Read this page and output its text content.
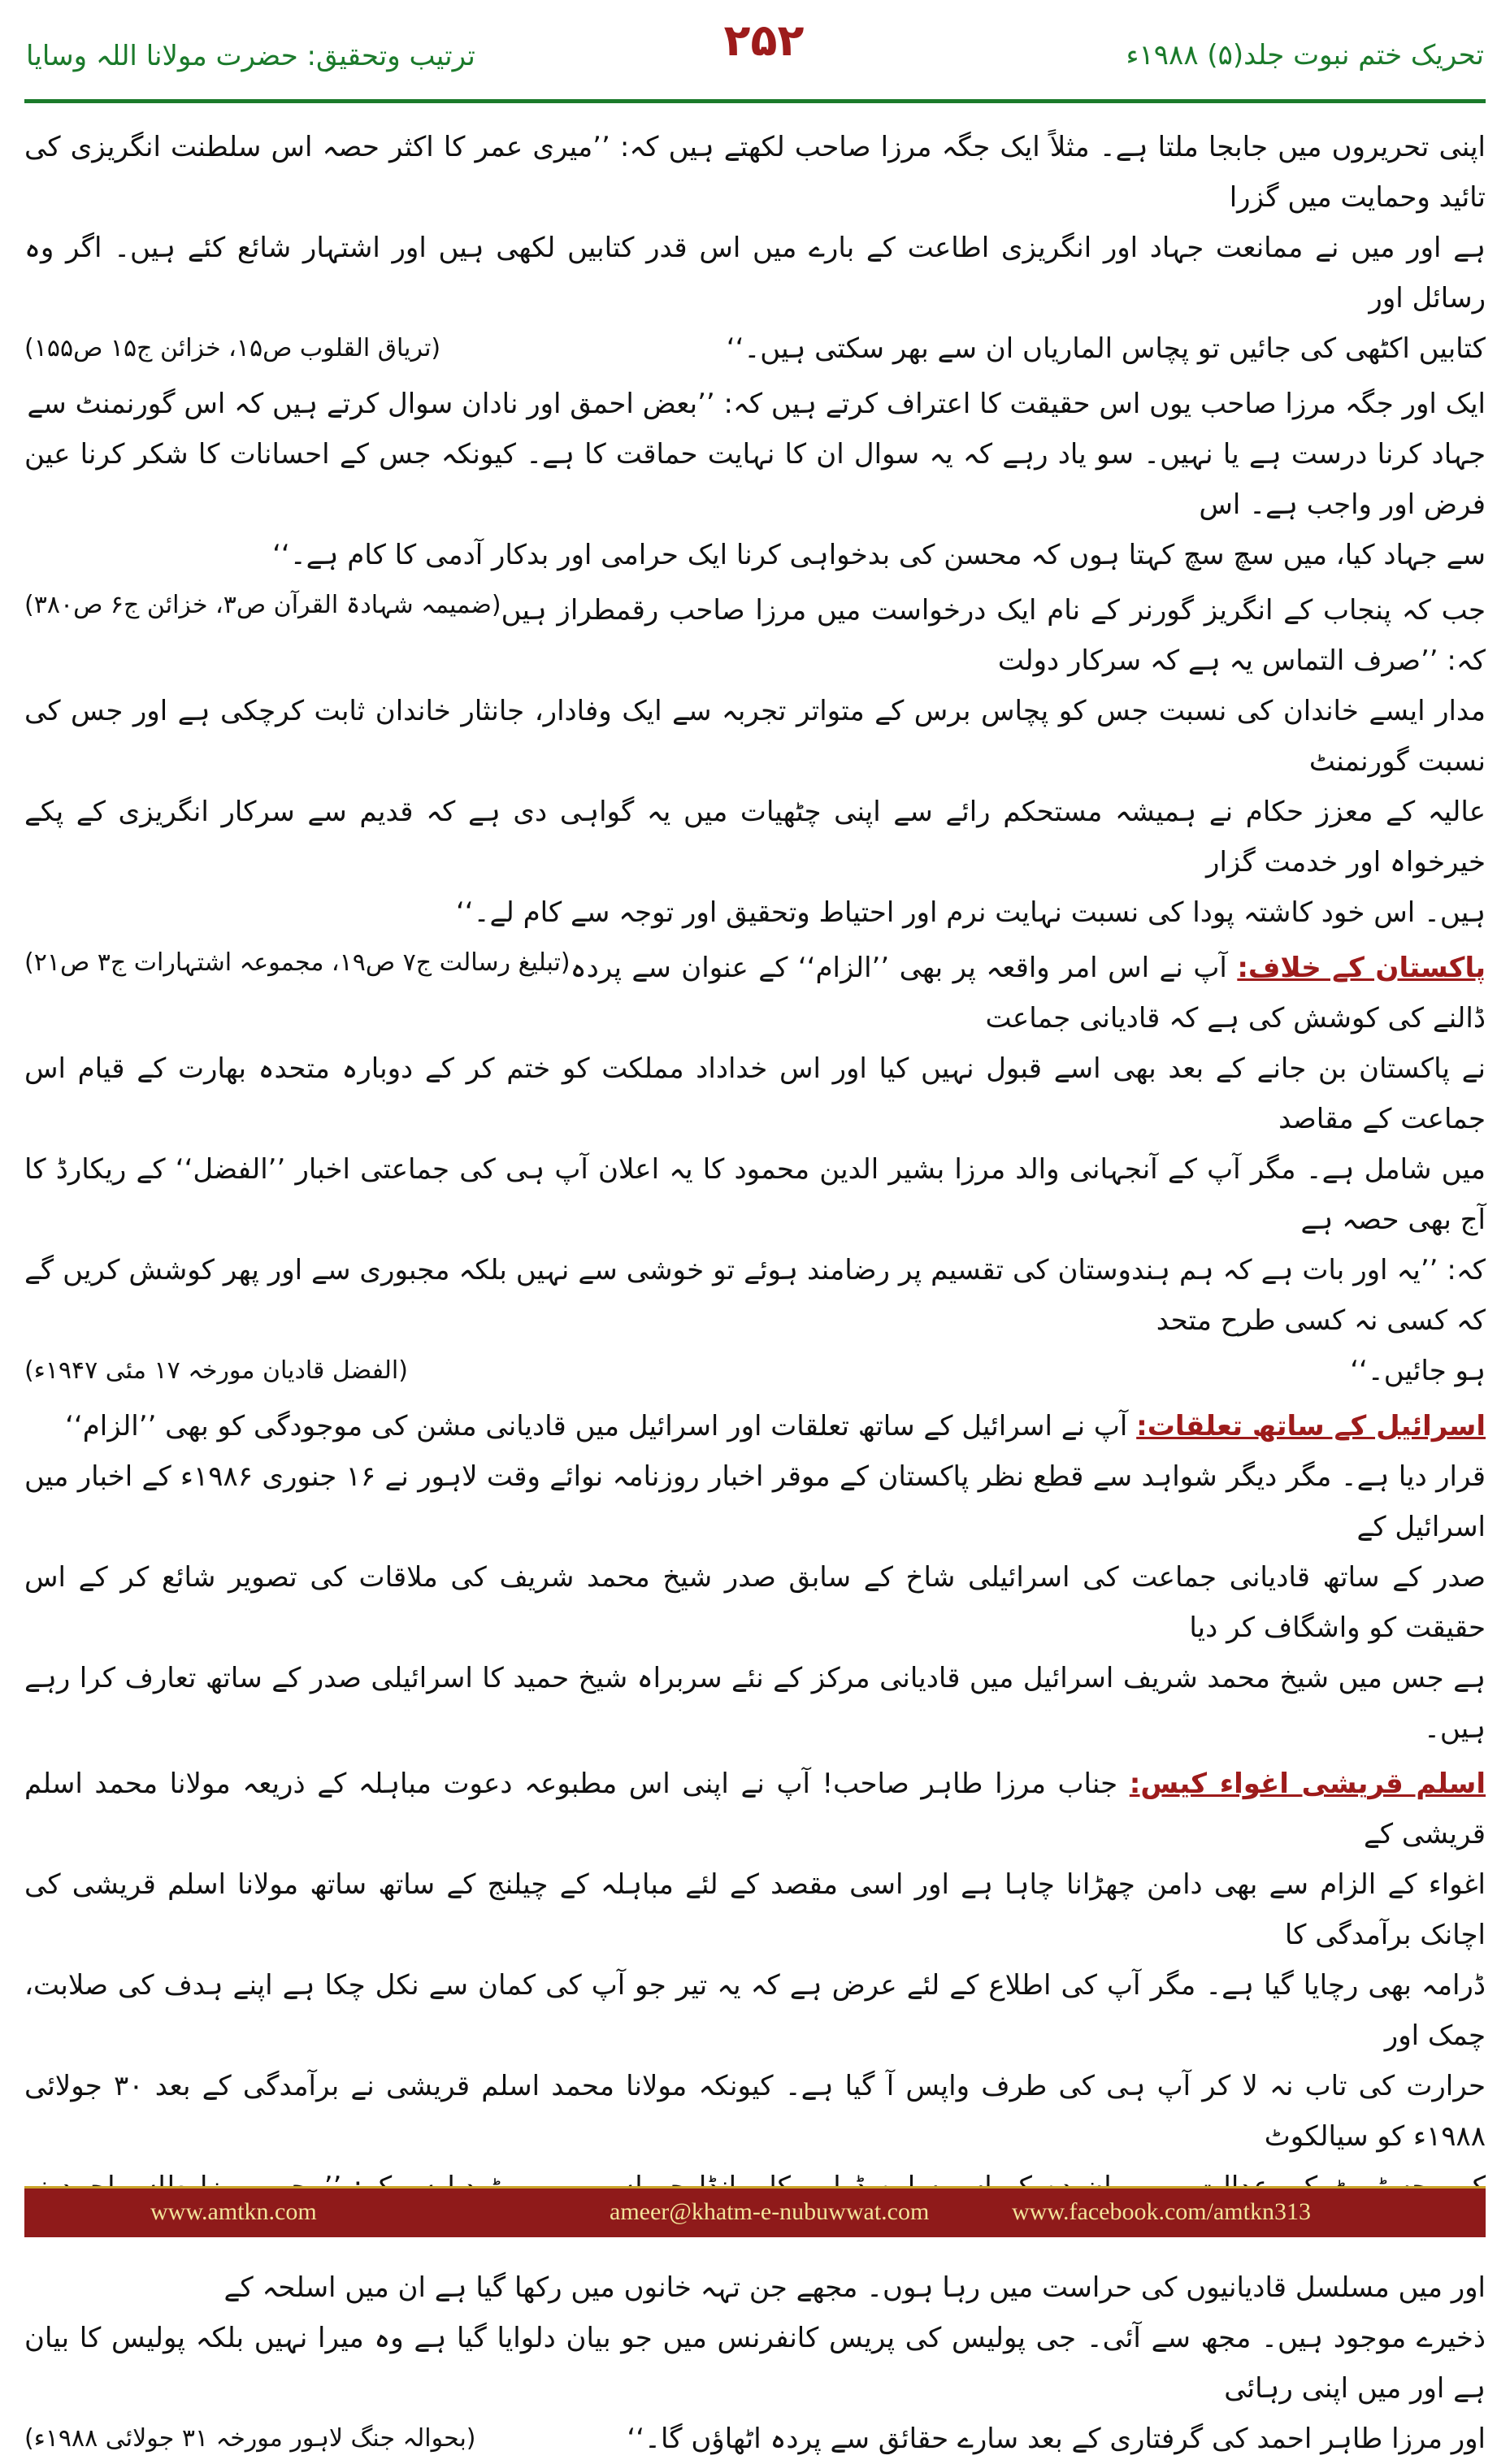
ترتیب وتحقیق: حضرت مولانا اللہ وسایا	۲۵۲	تحریک ختم نبوت جلد(۵) ۱۹۸۸ء
اپنی تحریروں میں جابجا ملتا ہے۔ مثلاً ایک جگہ مرزا صاحب لکھتے ہیں کہ: ’’میری عمر کا اکثر حصہ اس سلطنت انگریزی کی تائید وحمایت میں گزرا
ہے اور میں نے ممانعت جہاد اور انگریزی اطاعت کے بارے میں اس قدر کتابیں لکھی ہیں اور اشتہار شائع کئے ہیں۔ اگر وہ رسائل اور
کتابیں اکٹھی کی جائیں تو پچاس الماریاں ان سے بھر سکتی ہیں۔‘‘
(تریاق القلوب ص۱۵، خزائن ج۱۵ ص۱۵۵)
ایک اور جگہ مرزا صاحب یوں اس حقیقت کا اعتراف کرتے ہیں کہ: ’’بعض احمق اور نادان سوال کرتے ہیں کہ اس گورنمنٹ سے
جہاد کرنا درست ہے یا نہیں۔ سو یاد رہے کہ یہ سوال ان کا نہایت حماقت کا ہے۔ کیونکہ جس کے احسانات کا شکر کرنا عین فرض اور واجب ہے۔ اس
سے جہاد کیا، میں سچ سچ کہتا ہوں کہ محسن کی بدخواہی کرنا ایک حرامی اور بدکار آدمی کا کام ہے۔‘‘
(ضمیمہ شہادۃ القرآن ص۳، خزائن ج۶ ص۳۸۰) جب کہ پنجاب کے انگریز گورنر کے نام ایک درخواست میں مرزا صاحب رقمطراز ہیں کہ: ’’صرف التماس یہ ہے کہ سرکار دولت
مدار ایسے خاندان کی نسبت جس کو پچاس برس کے متواتر تجربہ سے ایک وفادار، جانثار خاندان ثابت کرچکی ہے اور جس کی نسبت گورنمنٹ
عالیہ کے معزز حکام نے ہمیشہ مستحکم رائے سے اپنی چٹھیات میں یہ گواہی دی ہے کہ قدیم سے سرکار انگریزی کے پکے خیرخواہ اور خدمت گزار
ہیں۔ اس خود کاشتہ پودا کی نسبت نہایت نرم اور احتیاط وتحقیق اور توجہ سے کام لے۔‘‘
(تبلیغ رسالت ج۷ ص۱۹، مجموعہ اشتہارات ج۳ ص۲۱)	پاکستان کے خلاف: آپ نے اس امر واقعہ پر بھی ’’الزام‘‘ کے عنوان سے پردہ ڈالنے کی کوشش کی ہے کہ قادیانی جماعت
نے پاکستان بن جانے کے بعد بھی اسے قبول نہیں کیا اور اس خداداد مملکت کو ختم کر کے دوبارہ متحدہ بھارت کے قیام اس جماعت کے مقاصد
میں شامل ہے۔ مگر آپ کے آنجہانی والد مرزا بشیر الدین محمود کا یہ اعلان آپ ہی کی جماعتی اخبار ’’الفضل‘‘ کے ریکارڈ کا آج بھی حصہ ہے
کہ: ’’یہ اور بات ہے کہ ہم ہندوستان کی تقسیم پر رضامند ہوئے تو خوشی سے نہیں بلکہ مجبوری سے اور پھر کوشش کریں گے کہ کسی نہ کسی طرح متحد
ہو جائیں۔‘‘
(الفضل قادیان مورخہ ۱۷ مئی ۱۹۴۷ء)
اسرائیل کے ساتھ تعلقات: آپ نے اسرائیل کے ساتھ تعلقات اور اسرائیل میں قادیانی مشن کی موجودگی کو بھی ’’الزام‘‘
قرار دیا ہے۔ مگر دیگر شواہد سے قطع نظر پاکستان کے موقر اخبار روزنامہ نوائے وقت لاہور نے ۱۶ جنوری ۱۹۸۶ء کے اخبار میں اسرائیل کے
صدر کے ساتھ قادیانی جماعت کی اسرائیلی شاخ کے سابق صدر شیخ محمد شریف کی ملاقات کی تصویر شائع کر کے اس حقیقت کو واشگاف کر دیا
ہے جس میں شیخ محمد شریف اسرائیل میں قادیانی مرکز کے نئے سربراہ شیخ حمید کا اسرائیلی صدر کے ساتھ تعارف کرا رہے ہیں۔
اسلم قریشی اغواء کیس: جناب مرزا طاہر صاحب! آپ نے اپنی اس مطبوعہ دعوت مباہلہ کے ذریعہ مولانا محمد اسلم قریشی کے
اغواء کے الزام سے بھی دامن چھڑانا چاہا ہے اور اسی مقصد کے لئے مباہلہ کے چیلنج کے ساتھ ساتھ مولانا اسلم قریشی کی اچانک برآمدگی کا
ڈرامہ بھی رچایا گیا ہے۔ مگر آپ کی اطلاع کے لئے عرض ہے کہ یہ تیر جو آپ کی کمان سے نکل چکا ہے اپنے ہدف کی صلابت، چمک اور
حرارت کی تاب نہ لا کر آپ ہی کی طرف واپس آ گیا ہے۔ کیونکہ مولانا محمد اسلم قریشی نے برآمدگی کے بعد ۳۰ جولائی ۱۹۸۸ء کو سیالکوٹ
اور میں مسلسل قادیانیوں کی حراست میں رہا ہوں۔ مجھے جن تہہ خانوں میں رکھا گیا ہے ان میں اسلحہ کے
ذخیرے موجود ہیں۔ مجھ سے آئی۔ جی پولیس کی پریس کانفرنس میں جو بیان دلوایا گیا ہے وہ میرا نہیں بلکہ پولیس کا بیان ہے اور میں اپنی رہائی
اور مرزا طاہر احمد کی گرفتاری کے بعد سارے حقائق سے پردہ اٹھاؤں گا۔‘‘
(بحوالہ جنگ لاہور مورخہ ۳۱ جولائی ۱۹۸۸ء)
www.amtkn.com	ameer@khatm-e-nubuwwat.com	www.facebook.com/amtkn313
